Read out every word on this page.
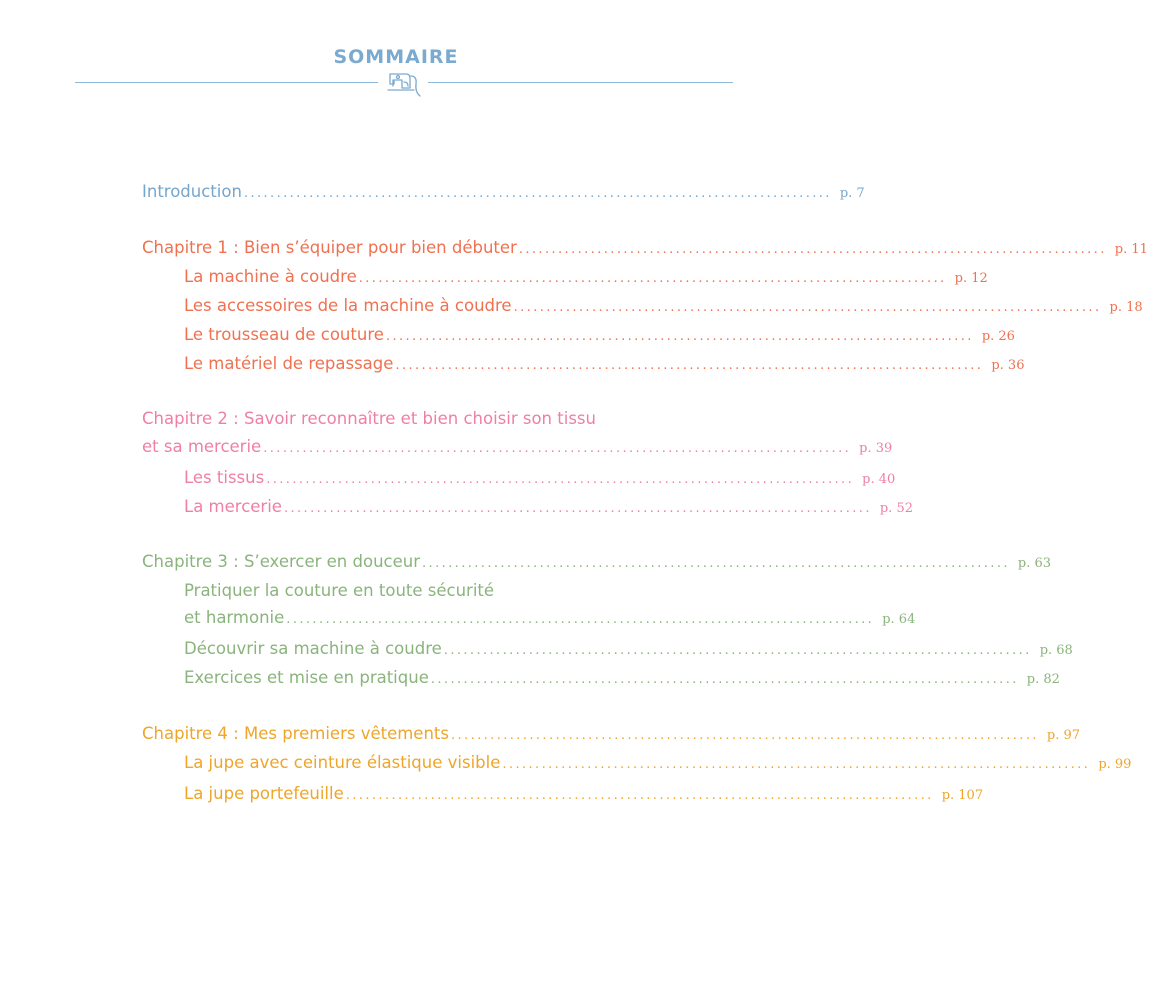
SOMMAIRE
Introduction .......................................................................................... p. 7
Chapitre 1 : Bien s’équiper pour bien débuter .......................................................................................... p. 11
La machine à coudre .......................................................................................... p. 12
Les accessoires de la machine à coudre .......................................................................................... p. 18
Le trousseau de couture .......................................................................................... p. 26
Le matériel de repassage .......................................................................................... p. 36
Chapitre 2 : Savoir reconnaître et bien choisir son tissu
et sa mercerie .......................................................................................... p. 39
Les tissus .......................................................................................... p. 40
La mercerie .......................................................................................... p. 52
Chapitre 3 : S’exercer en douceur .......................................................................................... p. 63
Pratiquer la couture en toute sécurité
et harmonie .......................................................................................... p. 64
Découvrir sa machine à coudre .......................................................................................... p. 68
Exercices et mise en pratique .......................................................................................... p. 82
Chapitre 4 : Mes premiers vêtements .......................................................................................... p. 97
La jupe avec ceinture élastique visible .......................................................................................... p. 99
La jupe portefeuille .......................................................................................... p. 107
